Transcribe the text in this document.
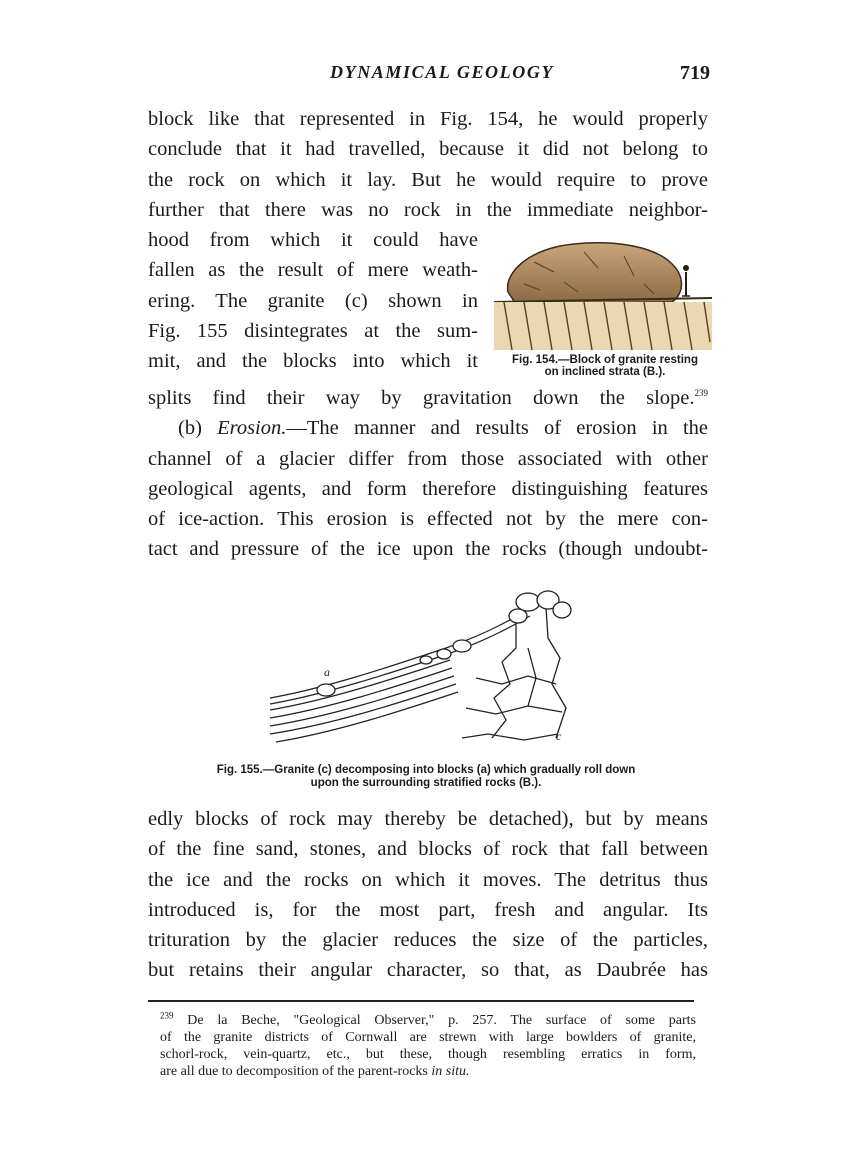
DYNAMICAL GEOLOGY	719
block like that represented in Fig. 154, he would properly
conclude that it had travelled, because it did not belong to
the rock on which it lay. But he would require to prove
further that there was no rock in the immediate neighbor-
hood from which it could have
fallen as the result of mere weath-
ering. The granite (c) shown in
Fig. 155 disintegrates at the sum-
mit, and the blocks into which it	Fig. 154.—Block of granite resting
on inclined strata (B.).
splits find their way by gravitation down the slope.$^{239}$
(b) Erosion.—The manner and results of erosion in the
channel of a glacier differ from those associated with other
geological agents, and form therefore distinguishing features
of ice-action. This erosion is effected not by the mere con-
tact and pressure of the ice upon the rocks (though undoubt-
a
c
Fig. 155.—Granite (c) decomposing into blocks (a) which gradually roll down
upon the surrounding stratified rocks (B.).
edly blocks of rock may thereby be detached), but by means
of the fine sand, stones, and blocks of rock that fall between
the ice and the rocks on which it moves. The detritus thus
introduced is, for the most part, fresh and angular. Its
trituration by the glacier reduces the size of the particles,
but retains their angular character, so that, as Daubrée has
$^{239}$ De la Beche, "Geological Observer," p. 257. The surface of some parts
of the granite districts of Cornwall are strewn with large bowlders of granite,
schorl-rock, vein-quartz, etc., but these, though resembling erratics in form,
are all due to decomposition of the parent-rocks in situ.
